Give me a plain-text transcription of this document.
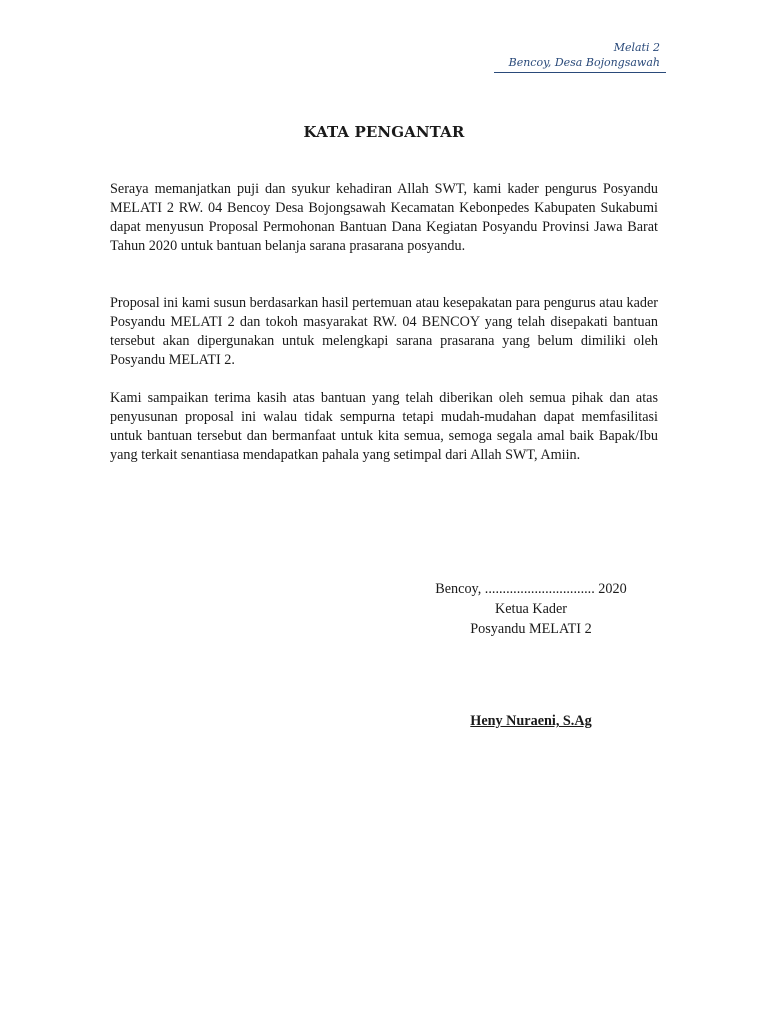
Melati 2
Bencoy, Desa Bojongsawah
KATA PENGANTAR
Seraya memanjatkan puji dan syukur kehadiran Allah SWT, kami kader pengurus Posyandu MELATI 2 RW. 04 Bencoy Desa Bojongsawah Kecamatan Kebonpedes Kabupaten Sukabumi dapat menyusun Proposal Permohonan Bantuan Dana Kegiatan Posyandu Provinsi Jawa Barat Tahun 2020 untuk bantuan belanja sarana prasarana posyandu.
Proposal ini kami susun berdasarkan hasil pertemuan atau kesepakatan para pengurus atau kader Posyandu MELATI 2 dan tokoh masyarakat RW. 04 BENCOY yang telah disepakati bantuan tersebut akan dipergunakan untuk melengkapi sarana prasarana yang belum dimiliki oleh Posyandu MELATI 2.
Kami sampaikan terima kasih atas bantuan yang telah diberikan oleh semua pihak dan atas penyusunan proposal ini walau tidak sempurna tetapi mudah-mudahan dapat memfasilitasi untuk bantuan tersebut dan bermanfaat untuk kita semua, semoga segala amal baik Bapak/Ibu yang terkait senantiasa mendapatkan pahala yang setimpal dari Allah SWT, Amiin.
Bencoy, ............................... 2020
Ketua Kader
Posyandu MELATI 2
Heny Nuraeni, S.Ag
